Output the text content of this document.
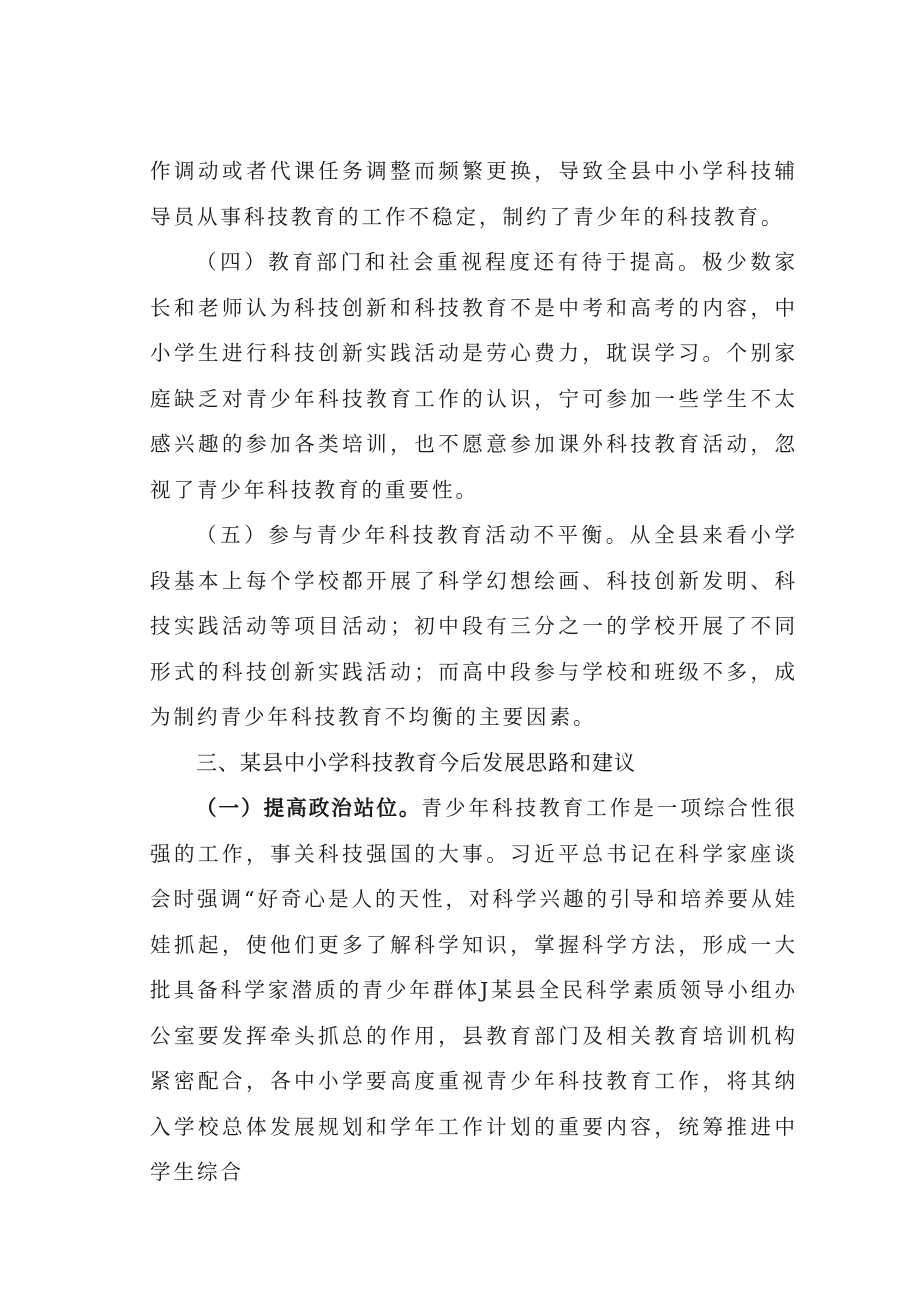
作调动或者代课任务调整而频繁更换，导致全县中小学科技辅导员从事科技教育的工作不稳定，制约了青少年的科技教育。

（四）教育部门和社会重视程度还有待于提高。极少数家长和老师认为科技创新和科技教育不是中考和高考的内容，中小学生进行科技创新实践活动是劳心费力，耽误学习。个别家庭缺乏对青少年科技教育工作的认识，宁可参加一些学生不太感兴趣的参加各类培训，也不愿意参加课外科技教育活动，忽视了青少年科技教育的重要性。

（五）参与青少年科技教育活动不平衡。从全县来看小学段基本上每个学校都开展了科学幻想绘画、科技创新发明、科技实践活动等项目活动；初中段有三分之一的学校开展了不同形式的科技创新实践活动；而高中段参与学校和班级不多，成为制约青少年科技教育不均衡的主要因素。

三、某县中小学科技教育今后发展思路和建议

（一）提高政治站位。青少年科技教育工作是一项综合性很强的工作，事关科技强国的大事。习近平总书记在科学家座谈会时强调“好奇心是人的天性，对科学兴趣的引导和培养要从娃娃抓起，使他们更多了解科学知识，掌握科学方法，形成一大批具备科学家潜质的青少年群体J某县全民科学素质领导小组办公室要发挥牵头抓总的作用，县教育部门及相关教育培训机构紧密配合，各中小学要高度重视青少年科技教育工作，将其纳入学校总体发展规划和学年工作计划的重要内容，统筹推进中学生综合
